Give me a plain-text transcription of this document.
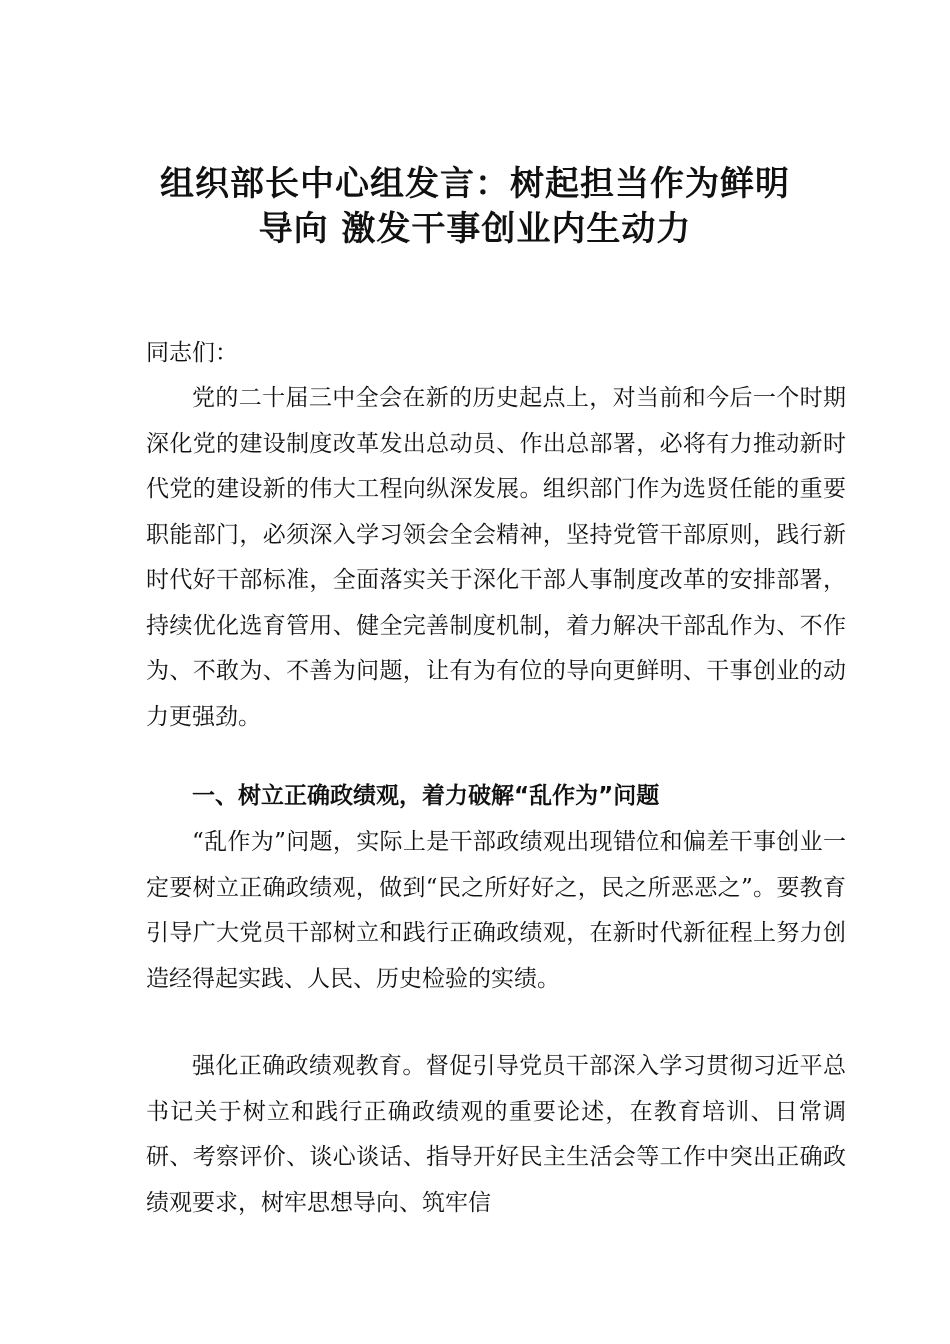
组织部长中心组发言：树起担当作为鲜明
导向 激发干事创业内生动力
同志们：

党的二十届三中全会在新的历史起点上，对当前和今后一个时期深化党的建设制度改革发出总动员、作出总部署，必将有力推动新时代党的建设新的伟大工程向纵深发展。组织部门作为选贤任能的重要职能部门，必须深入学习领会全会精神，坚持党管干部原则，践行新时代好干部标准，全面落实关于深化干部人事制度改革的安排部署，持续优化选育管用、健全完善制度机制，着力解决干部乱作为、不作为、不敢为、不善为问题，让有为有位的导向更鲜明、干事创业的动力更强劲。

一、树立正确政绩观，着力破解“乱作为”问题

“乱作为”问题，实际上是干部政绩观出现错位和偏差干事创业一定要树立正确政绩观，做到“民之所好好之，民之所恶恶之”。要教育引导广大党员干部树立和践行正确政绩观，在新时代新征程上努力创造经得起实践、人民、历史检验的实绩。

强化正确政绩观教育。督促引导党员干部深入学习贯彻习近平总书记关于树立和践行正确政绩观的重要论述，在教育培训、日常调研、考察评价、谈心谈话、指导开好民主生活会等工作中突出正确政绩观要求，树牢思想导向、筑牢信
